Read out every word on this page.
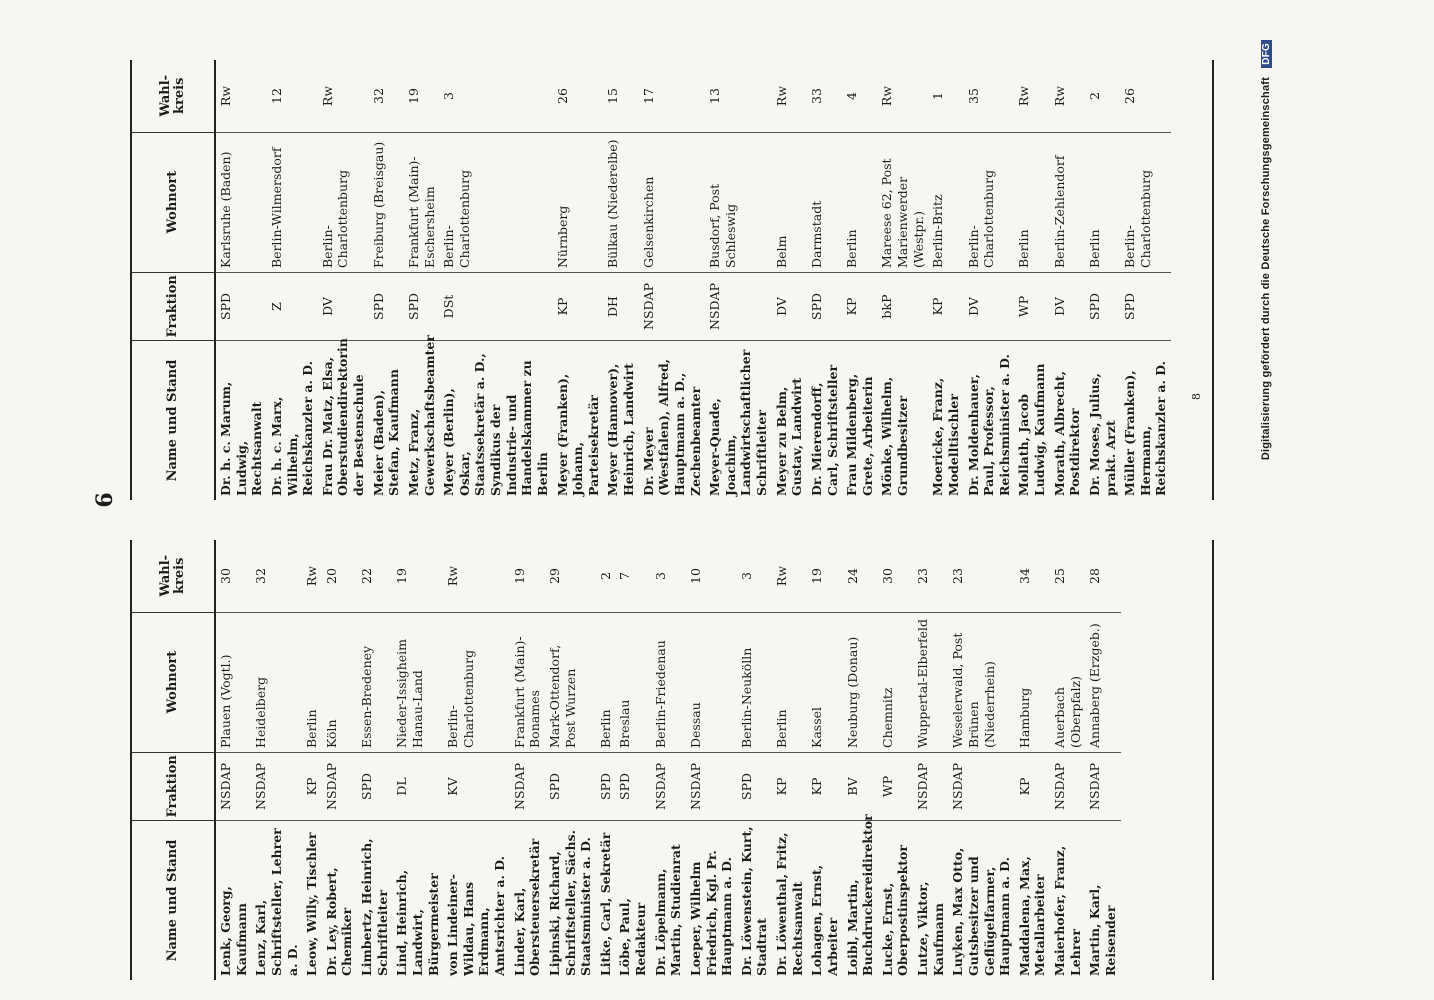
6
Name und Stand
Fraktion
Wohnort
Wahl-kreis
Lenk, Georg, Kaufmann
NSDAP
Plauen (Vogtl.)
30
Lenz, Karl, Schriftsteller, Lehrer a. D.
NSDAP
Heidelberg
32
Leow, Willy, Tischler
KP
Berlin
Rw
Dr. Ley, Robert, Chemiker
NSDAP
Köln
20
Limbertz, Heinrich, Schriftleiter
SPD
Essen-Bredeney
22
Lind, Heinrich, Landwirt, Bürgermeister
DL
Nieder-Issigheim Hanau-Land
19
von Lindeiner-Wildau, Hans Erdmann, Amtsrichter a. D.
KV
Berlin-Charlottenburg
Rw
Linder, Karl, Obersteuersekretär
NSDAP
Frankfurt (Main)-Bonames
19
Lipinski, Richard, Schriftsteller, Sächs. Staatsminister a. D.
SPD
Mark-Ottendorf, Post Wurzen
29
Litke, Carl, Sekretär
SPD
Berlin
2
Löbe, Paul, Redakteur
SPD
Breslau
7
Dr. Löpelmann, Martin, Studienrat
NSDAP
Berlin-Friedenau
3
Loeper, Wilhelm Friedrich, Kgl. Pr. Hauptmann a. D.
NSDAP
Dessau
10
Dr. Löwenstein, Kurt, Stadtrat
SPD
Berlin-Neukölln
3
Dr. Löwenthal, Fritz, Rechtsanwalt
KP
Berlin
Rw
Lohagen, Ernst, Arbeiter
KP
Kassel
19
Loibl, Martin, Buchdruckereidirektor
BV
Neuburg (Donau)
24
Lucke, Ernst, Oberpostinspektor
WP
Chemnitz
30
Lutze, Viktor, Kaufmann
NSDAP
Wuppertal-Elberfeld
23
Luyken, Max Otto, Gutsbesitzer und Geflügelfarmer, Hauptmann a. D.
NSDAP
Weselerwald, Post Brünen (Niederrhein)
23
Maddalena, Max, Metallarbeiter
KP
Hamburg
34
Maierhofer, Franz, Lehrer
NSDAP
Auerbach (Oberpfalz)
25
Martin, Karl, Reisender
NSDAP
Annaberg (Erzgeb.)
28
Name und Stand
Fraktion
Wohnort
Wahl-kreis
Dr. h. c. Marum, Ludwig, Rechtsanwalt
SPD
Karlsruhe (Baden)
Rw
Dr. h. c. Marx, Wilhelm, Reichskanzler a. D.
Z
Berlin-Wilmersdorf
12
Frau Dr. Matz, Elsa, Oberstudiendirektorin der Bestenschule
DV
Berlin-Charlottenburg
Rw
Meier (Baden), Stefan, Kaufmann
SPD
Freiburg (Breisgau)
32
Metz, Franz, Gewerkschaftsbeamter
SPD
Frankfurt (Main)-Eschersheim
19
Meyer (Berlin), Oskar, Staatssekretär a. D., Syndikus der Industrie- und Handelskammer zu Berlin
DSt
Berlin-Charlottenburg
3
Meyer (Franken), Johann, Parteisekretär
KP
Nürnberg
26
Meyer (Hannover), Heinrich, Landwirt
DH
Bülkau (Niederelbe)
15
Dr. Meyer (Westfalen), Alfred, Hauptmann a. D., Zechenbeamter
NSDAP
Gelsenkirchen
17
Meyer-Quade, Joachim, Landwirtschaftlicher Schriftleiter
NSDAP
Busdorf, Post Schleswig
13
Meyer zu Belm, Gustav, Landwirt
DV
Belm
Rw
Dr. Mierendorff, Carl, Schriftsteller
SPD
Darmstadt
33
Frau Mildenberg, Grete, Arbeiterin
KP
Berlin
4
Mönke, Wilhelm, Grundbesitzer
bkP
Mareese 62, Post Marienwerder (Westpr.)
Rw
Moericke, Franz, Modelltischler
KP
Berlin-Britz
1
Dr. Moldenhauer, Paul, Professor, Reichsminister a. D.
DV
Berlin-Charlottenburg
35
Mollath, Jacob Ludwig, Kaufmann
WP
Berlin
Rw
Morath, Albrecht, Postdirektor
DV
Berlin-Zehlendorf
Rw
Dr. Moses, Julius, prakt. Arzt
SPD
Berlin
2
Müller (Franken), Hermann, Reichskanzler a. D.
SPD
Berlin-Charlottenburg
26
8	Digitalisierung gefördert durch die Deutsche Forschungsgemeinschaft DFG
